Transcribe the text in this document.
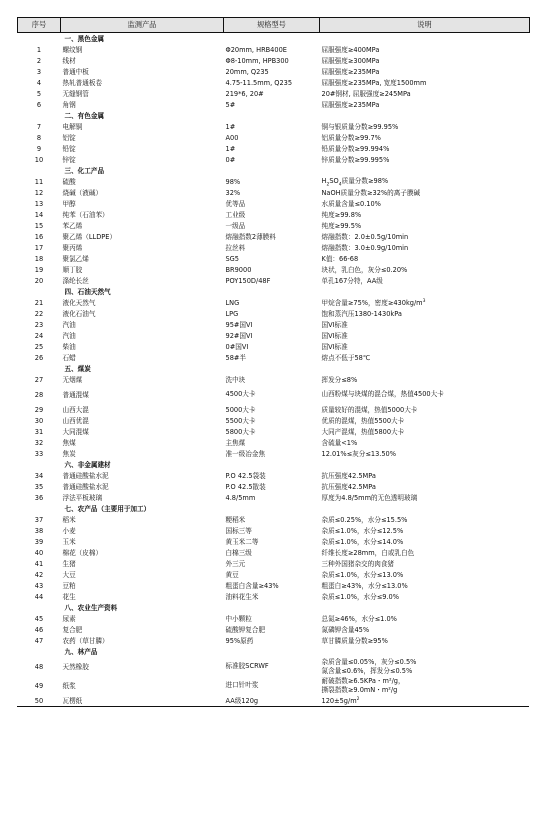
序号	监测产品	规格型号	说明
	一、黑色金属		
1	螺纹钢	Φ20mm, HRB400E	屈服强度≥400MPa
2	线材	Φ8-10mm, HPB300	屈服强度≥300MPa
3	普通中板	20mm, Q235	屈服强度≥235MPa
4	热轧普通板卷	4.75-11.5mm, Q235	屈服强度≥235MPa, 宽度1500mm
5	无缝钢管	219*6, 20#	20#钢材, 屈服强度≥245MPa
6	角钢	5#	屈服强度≥235MPa
	二、有色金属		
7	电解铜	1#	铜与银质量分数≥99.95%
8	铝锭	A00	铝质量分数≥99.7%
9	铅锭	1#	铅质量分数≥99.994%
10	锌锭	0#	锌质量分数≥99.995%
	三、化工产品		
11	硫酸	98%	$H_2SO_4$质量分数≥98%
12	烧碱（液碱）	32%	NaOH质量分数≥32%的离子膜碱
13	甲醇	优等品	水质量含量≤0.10%
14	纯苯（石油苯）	工业级	纯度≥99.8%
15	苯乙烯	一级品	纯度≥99.5%
16	聚乙烯（LLDPE）	熔融指数2薄膜料	熔融指数：2.0±0.5g/10min
17	聚丙烯	拉丝料	熔融指数：3.0±0.9g/10min
18	聚氯乙烯	SG5	K值：66-68
19	顺丁胶	BR9000	块状，乳白色，灰分≤0.20%
20	涤纶长丝	POY150D/48F	单孔167分特，AA级
	四、石油天然气		
21	液化天然气	LNG	甲烷含量≥75%，密度$\ge 430kg/m^3$
22	液化石油气	LPG	饱和蒸汽压1380-1430kPa
23	汽油	95#国VI	国VI标准
24	汽油	92#国VI	国VI标准
25	柴油	0#国VI	国VI标准
26	石蜡	58#半	熔点不低于58℃
	五、煤炭		
27	无烟煤	洗中块	挥发分≤8%
28	普通混煤	4500大卡	山西粉煤与块煤的混合煤，热值4500大卡
29	山西大混	5000大卡	质量较好的混煤，热值5000大卡
30	山西优混	5500大卡	优质的混煤，热值5500大卡
31	大同混煤	5800大卡	大同产混煤，热值5800大卡
32	焦煤	主焦煤	含硫量<1%
33	焦炭	准一级冶金焦	12.01%≤灰分≤13.50%
	六、非金属建材		
34	普通硅酸盐水泥	P.O 42.5袋装	抗压强度42.5MPa
35	普通硅酸盐水泥	P.O 42.5散装	抗压强度42.5MPa
36	浮法平板玻璃	4.8/5mm	厚度为4.8/5mm的无色透明玻璃
	七、农产品（主要用于加工）		
37	稻米	粳稻米	杂质≤0.25%，水分≤15.5%
38	小麦	国标三等	杂质≤1.0%，水分≤12.5%
39	玉米	黄玉米二等	杂质≤1.0%，水分≤14.0%
40	棉花（皮棉）	白棉三级	纤维长度≥28mm，白或乳白色
41	生猪	外三元	三种外国猪杂交的肉食猪
42	大豆	黄豆	杂质≤1.0%，水分≤13.0%
43	豆粕	粗蛋白含量≥43%	粗蛋白≥43%，水分≤13.0%
44	花生	油料花生米	杂质≤1.0%，水分≤9.0%
	八、农业生产资料		
45	尿素	中小颗粒	总氮≥46%，水分≤1.0%
46	复合肥	硫酸钾复合肥	氮磷钾含量45%
47	农药（草甘膦）	95%原药	草甘膦质量分数≥95%
	九、林产品		
48	天然橡胶	标准胶SCRWF	杂质含量≤0.05%，灰分≤0.5%
氮含量≤0.6%，挥发分≤0.5%

49	纸浆	进口针叶浆	耐破指数≥6.5KPa・m²/g，
撕裂指数≥9.0mN・m²/g

50	瓦楞纸	AA级120g	$120\pm 5g/m^2$
